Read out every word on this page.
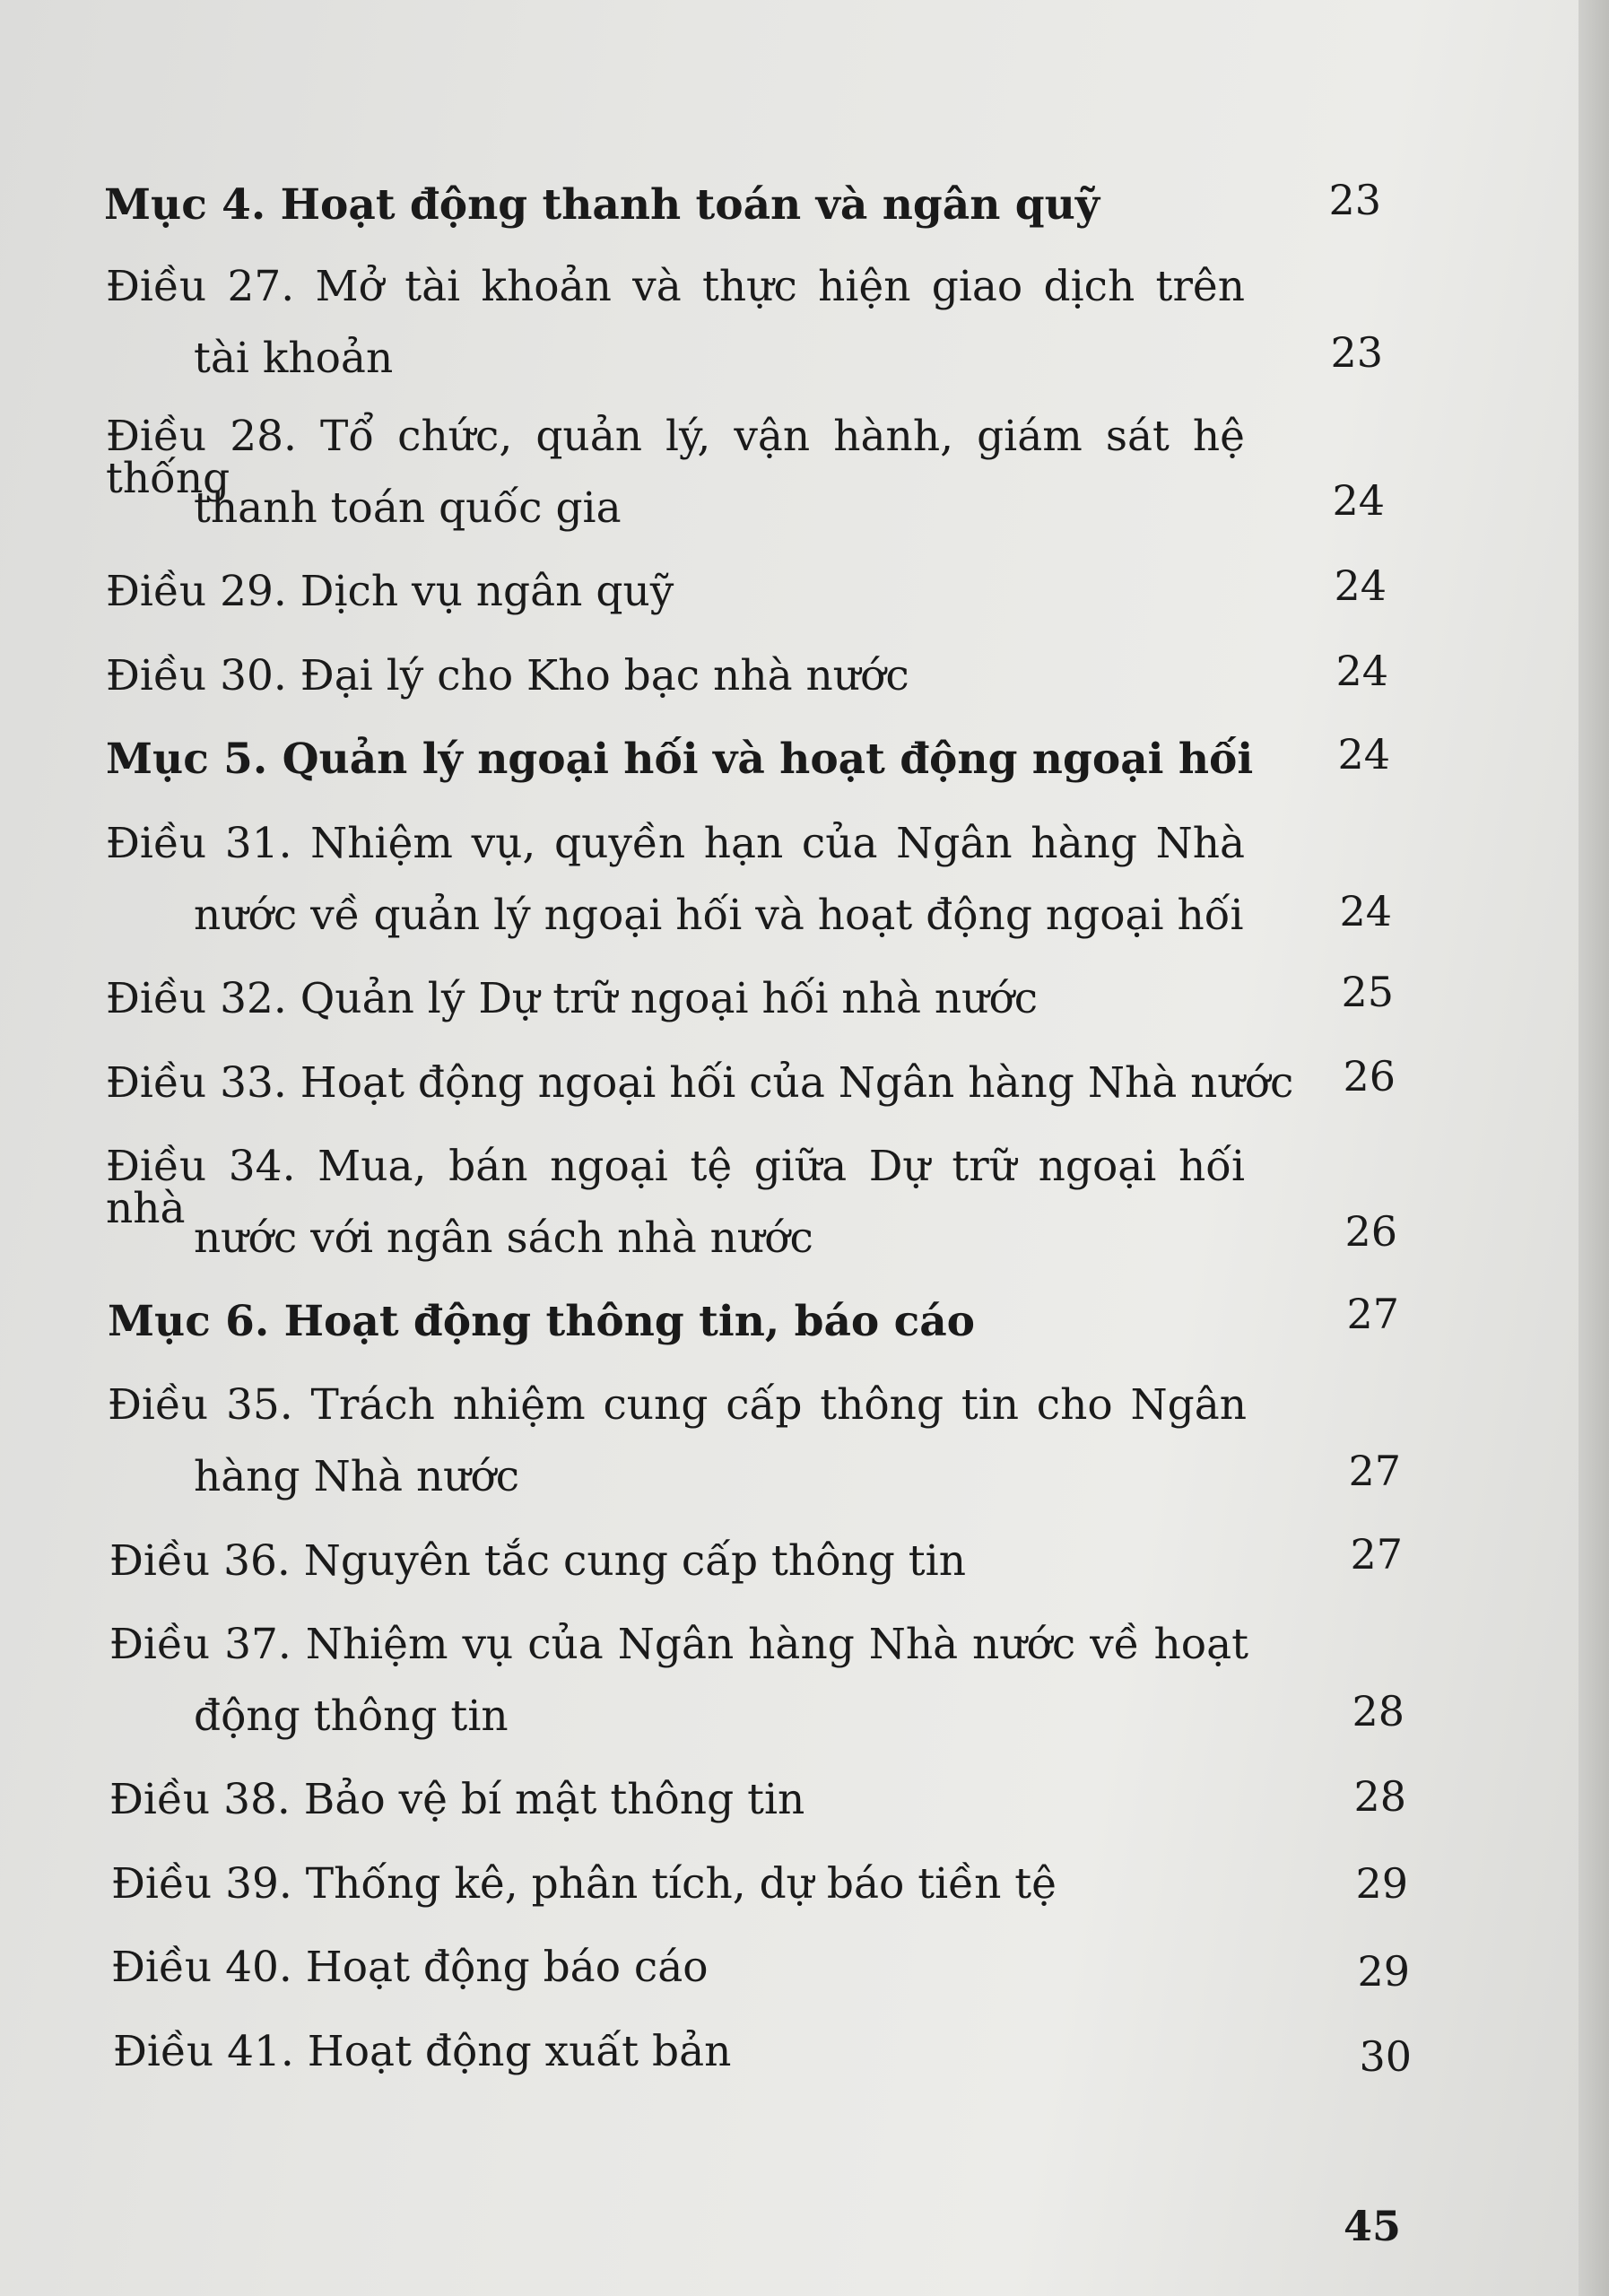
Mục 4. Hoạt động thanh toán và ngân quỹ	23
Điều 27. Mở tài khoản và thực hiện giao dịch trên
tài khoản	23
Điều 28. Tổ chức, quản lý, vận hành, giám sát hệ thống
thanh toán quốc gia	24
Điều 29. Dịch vụ ngân quỹ	24
Điều 30. Đại lý cho Kho bạc nhà nước	24
Mục 5. Quản lý ngoại hối và hoạt động ngoại hối	24
Điều 31. Nhiệm vụ, quyền hạn của Ngân hàng Nhà
nước về quản lý ngoại hối và hoạt động ngoại hối	24
Điều 32. Quản lý Dự trữ ngoại hối nhà nước	25
Điều 33. Hoạt động ngoại hối của Ngân hàng Nhà nước	26
Điều 34. Mua, bán ngoại tệ giữa Dự trữ ngoại hối nhà
nước với ngân sách nhà nước	26
Mục 6. Hoạt động thông tin, báo cáo	27
Điều 35. Trách nhiệm cung cấp thông tin cho Ngân
hàng Nhà nước	27
Điều 36. Nguyên tắc cung cấp thông tin	27
Điều 37. Nhiệm vụ của Ngân hàng Nhà nước về hoạt
động thông tin	28
Điều 38. Bảo vệ bí mật thông tin	28
Điều 39. Thống kê, phân tích, dự báo tiền tệ	29
Điều 40. Hoạt động báo cáo	29
Điều 41. Hoạt động xuất bản	30
45
